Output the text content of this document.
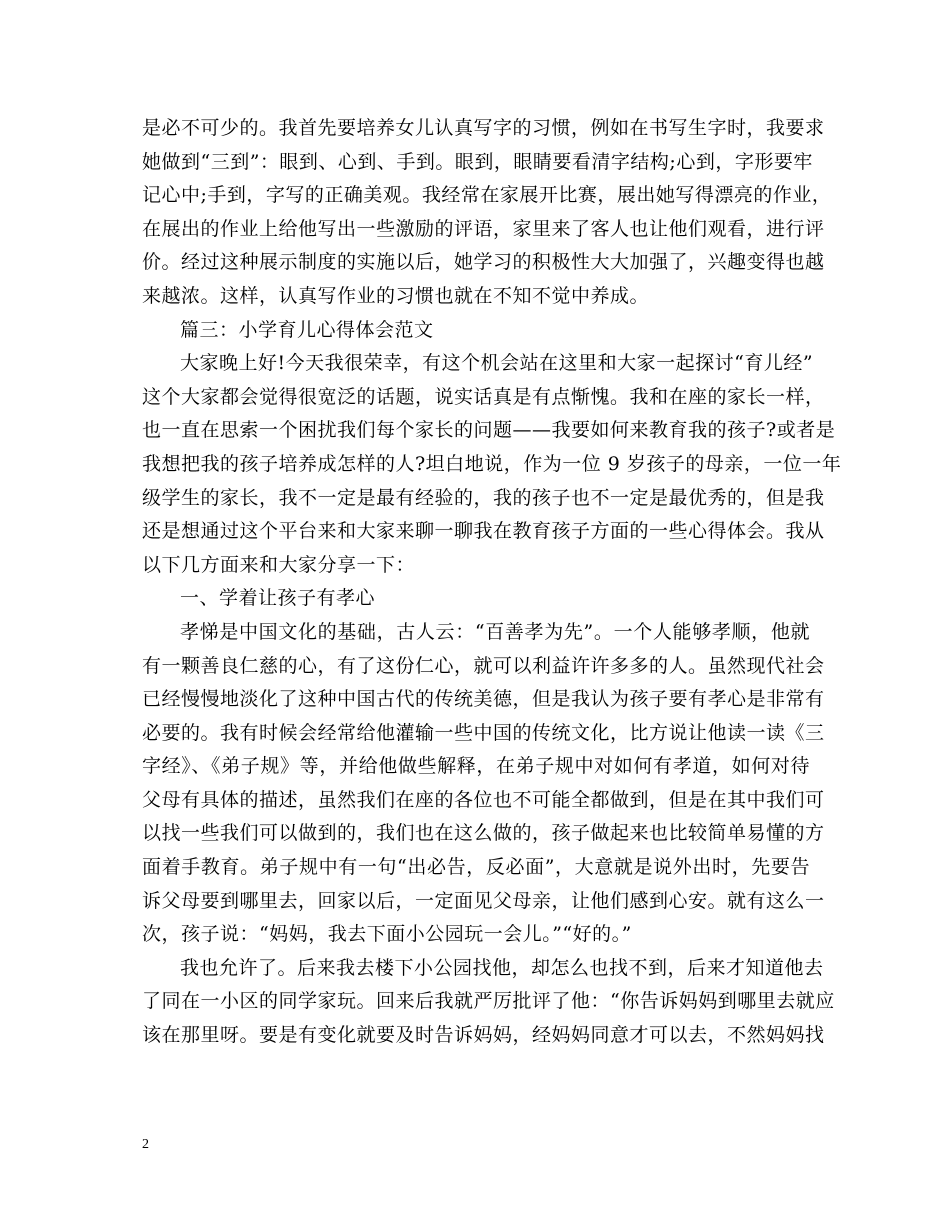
是必不可少的。我首先要培养女儿认真写字的习惯，例如在书写生字时，我要求
她做到“三到”：眼到、心到、手到。眼到，眼睛要看清字结构;心到，字形要牢
记心中;手到，字写的正确美观。我经常在家展开比赛，展出她写得漂亮的作业，
在展出的作业上给他写出一些激励的评语，家里来了客人也让他们观看，进行评
价。经过这种展示制度的实施以后，她学习的积极性大大加强了，兴趣变得也越
来越浓。这样，认真写作业的习惯也就在不知不觉中养成。
篇三：小学育儿心得体会范文
大家晚上好!今天我很荣幸，有这个机会站在这里和大家一起探讨“育儿经”
这个大家都会觉得很宽泛的话题，说实话真是有点惭愧。我和在座的家长一样，
也一直在思索一个困扰我们每个家长的问题——我要如何来教育我的孩子?或者是
我想把我的孩子培养成怎样的人?坦白地说，作为一位 9 岁孩子的母亲，一位一年
级学生的家长，我不一定是最有经验的，我的孩子也不一定是最优秀的，但是我
还是想通过这个平台来和大家来聊一聊我在教育孩子方面的一些心得体会。我从
以下几方面来和大家分享一下：
一、学着让孩子有孝心
孝悌是中国文化的基础，古人云：“百善孝为先”。一个人能够孝顺，他就
有一颗善良仁慈的心，有了这份仁心，就可以利益许许多多的人。虽然现代社会
已经慢慢地淡化了这种中国古代的传统美德，但是我认为孩子要有孝心是非常有
必要的。我有时候会经常给他灌输一些中国的传统文化，比方说让他读一读《三
字经》、《弟子规》等，并给他做些解释，在弟子规中对如何有孝道，如何对待
父母有具体的描述，虽然我们在座的各位也不可能全都做到，但是在其中我们可
以找一些我们可以做到的，我们也在这么做的，孩子做起来也比较简单易懂的方
面着手教育。弟子规中有一句“出必告，反必面”，大意就是说外出时，先要告
诉父母要到哪里去，回家以后，一定面见父母亲，让他们感到心安。就有这么一
次，孩子说：“妈妈，我去下面小公园玩一会儿。”“好的。”
我也允许了。后来我去楼下小公园找他，却怎么也找不到，后来才知道他去
了同在一小区的同学家玩。回来后我就严厉批评了他：“你告诉妈妈到哪里去就应
该在那里呀。要是有变化就要及时告诉妈妈，经妈妈同意才可以去，不然妈妈找
2
